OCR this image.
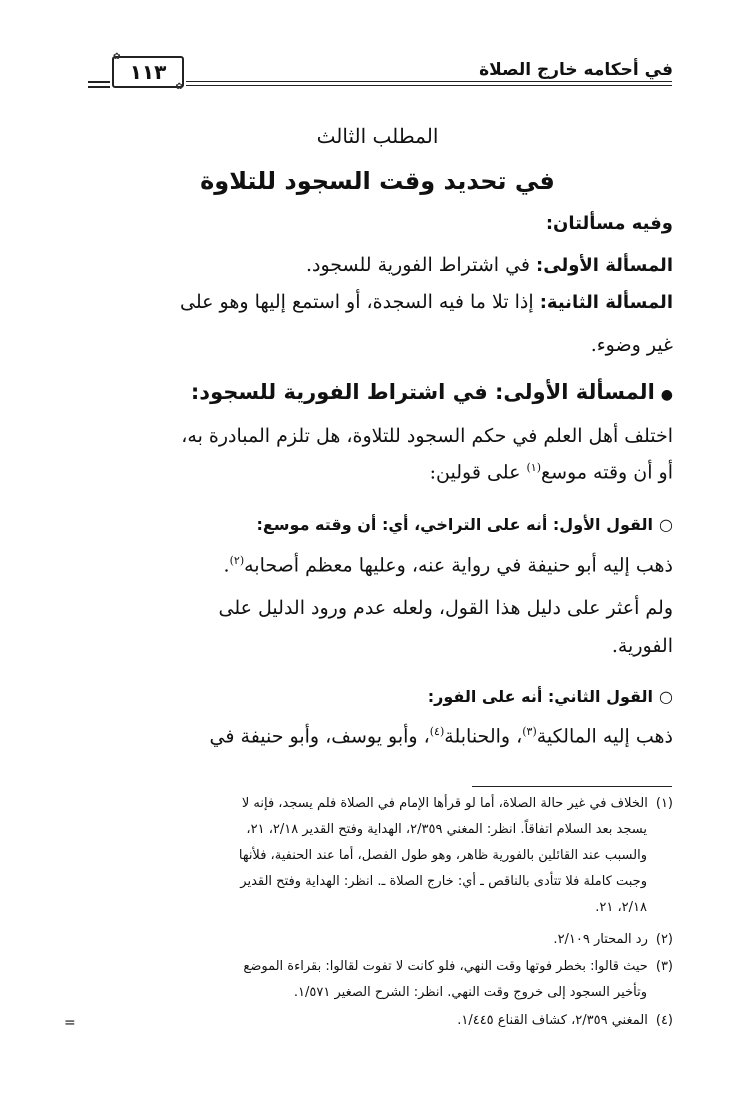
في أحكامه خارج الصلاة
✿
١١٣
✿
المطلب الثالث
في تحديد وقت السجود للتلاوة
وفيه مسألتان:
المسألة الأولى: في اشتراط الفورية للسجود.
المسألة الثانية: إذا تلا ما فيه السجدة، أو استمع إليها وهو على
غير وضوء.
●المسألة الأولى: في اشتراط الفورية للسجود:
اختلف أهل العلم في حكم السجود للتلاوة، هل تلزم المبادرة به،
أو أن وقته موسع$^{(١)}$ على قولين:
○القول الأول: أنه على التراخي، أي: أن وقته موسع:
ذهب إليه أبو حنيفة في رواية عنه، وعليها معظم أصحابه$^{(٢)}$.
ولم أعثر على دليل هذا القول، ولعله عدم ورود الدليل على
الفورية.
○القول الثاني: أنه على الفور:
ذهب إليه المالكية$^{(٣)}$، والحنابلة$^{(٤)}$، وأبو يوسف، وأبو حنيفة في
(١)الخلاف في غير حالة الصلاة، أما لو قرأها الإمام في الصلاة فلم يسجد، فإنه لا
يسجد بعد السلام اتفاقاً. انظر: المغني ٢/٣٥٩، الهداية وفتح القدير ٢/١٨، ٢١،
والسبب عند القائلين بالفورية ظاهر، وهو طول الفصل، أما عند الحنفية، فلأنها
وجبت كاملة فلا تتأدى بالناقص ـ أي: خارج الصلاة ـ. انظر: الهداية وفتح القدير
٢/١٨، ٢١.
(٢)رد المحتار ٢/١٠٩.
(٣)حيث قالوا: بخطر فوتها وقت النهي، فلو كانت لا تفوت لقالوا: بقراءة الموضع
وتأخير السجود إلى خروج وقت النهي. انظر: الشرح الصغير ١/٥٧١.
(٤)المغني ٢/٣٥٩، كشاف القناع ١/٤٤٥.
=
